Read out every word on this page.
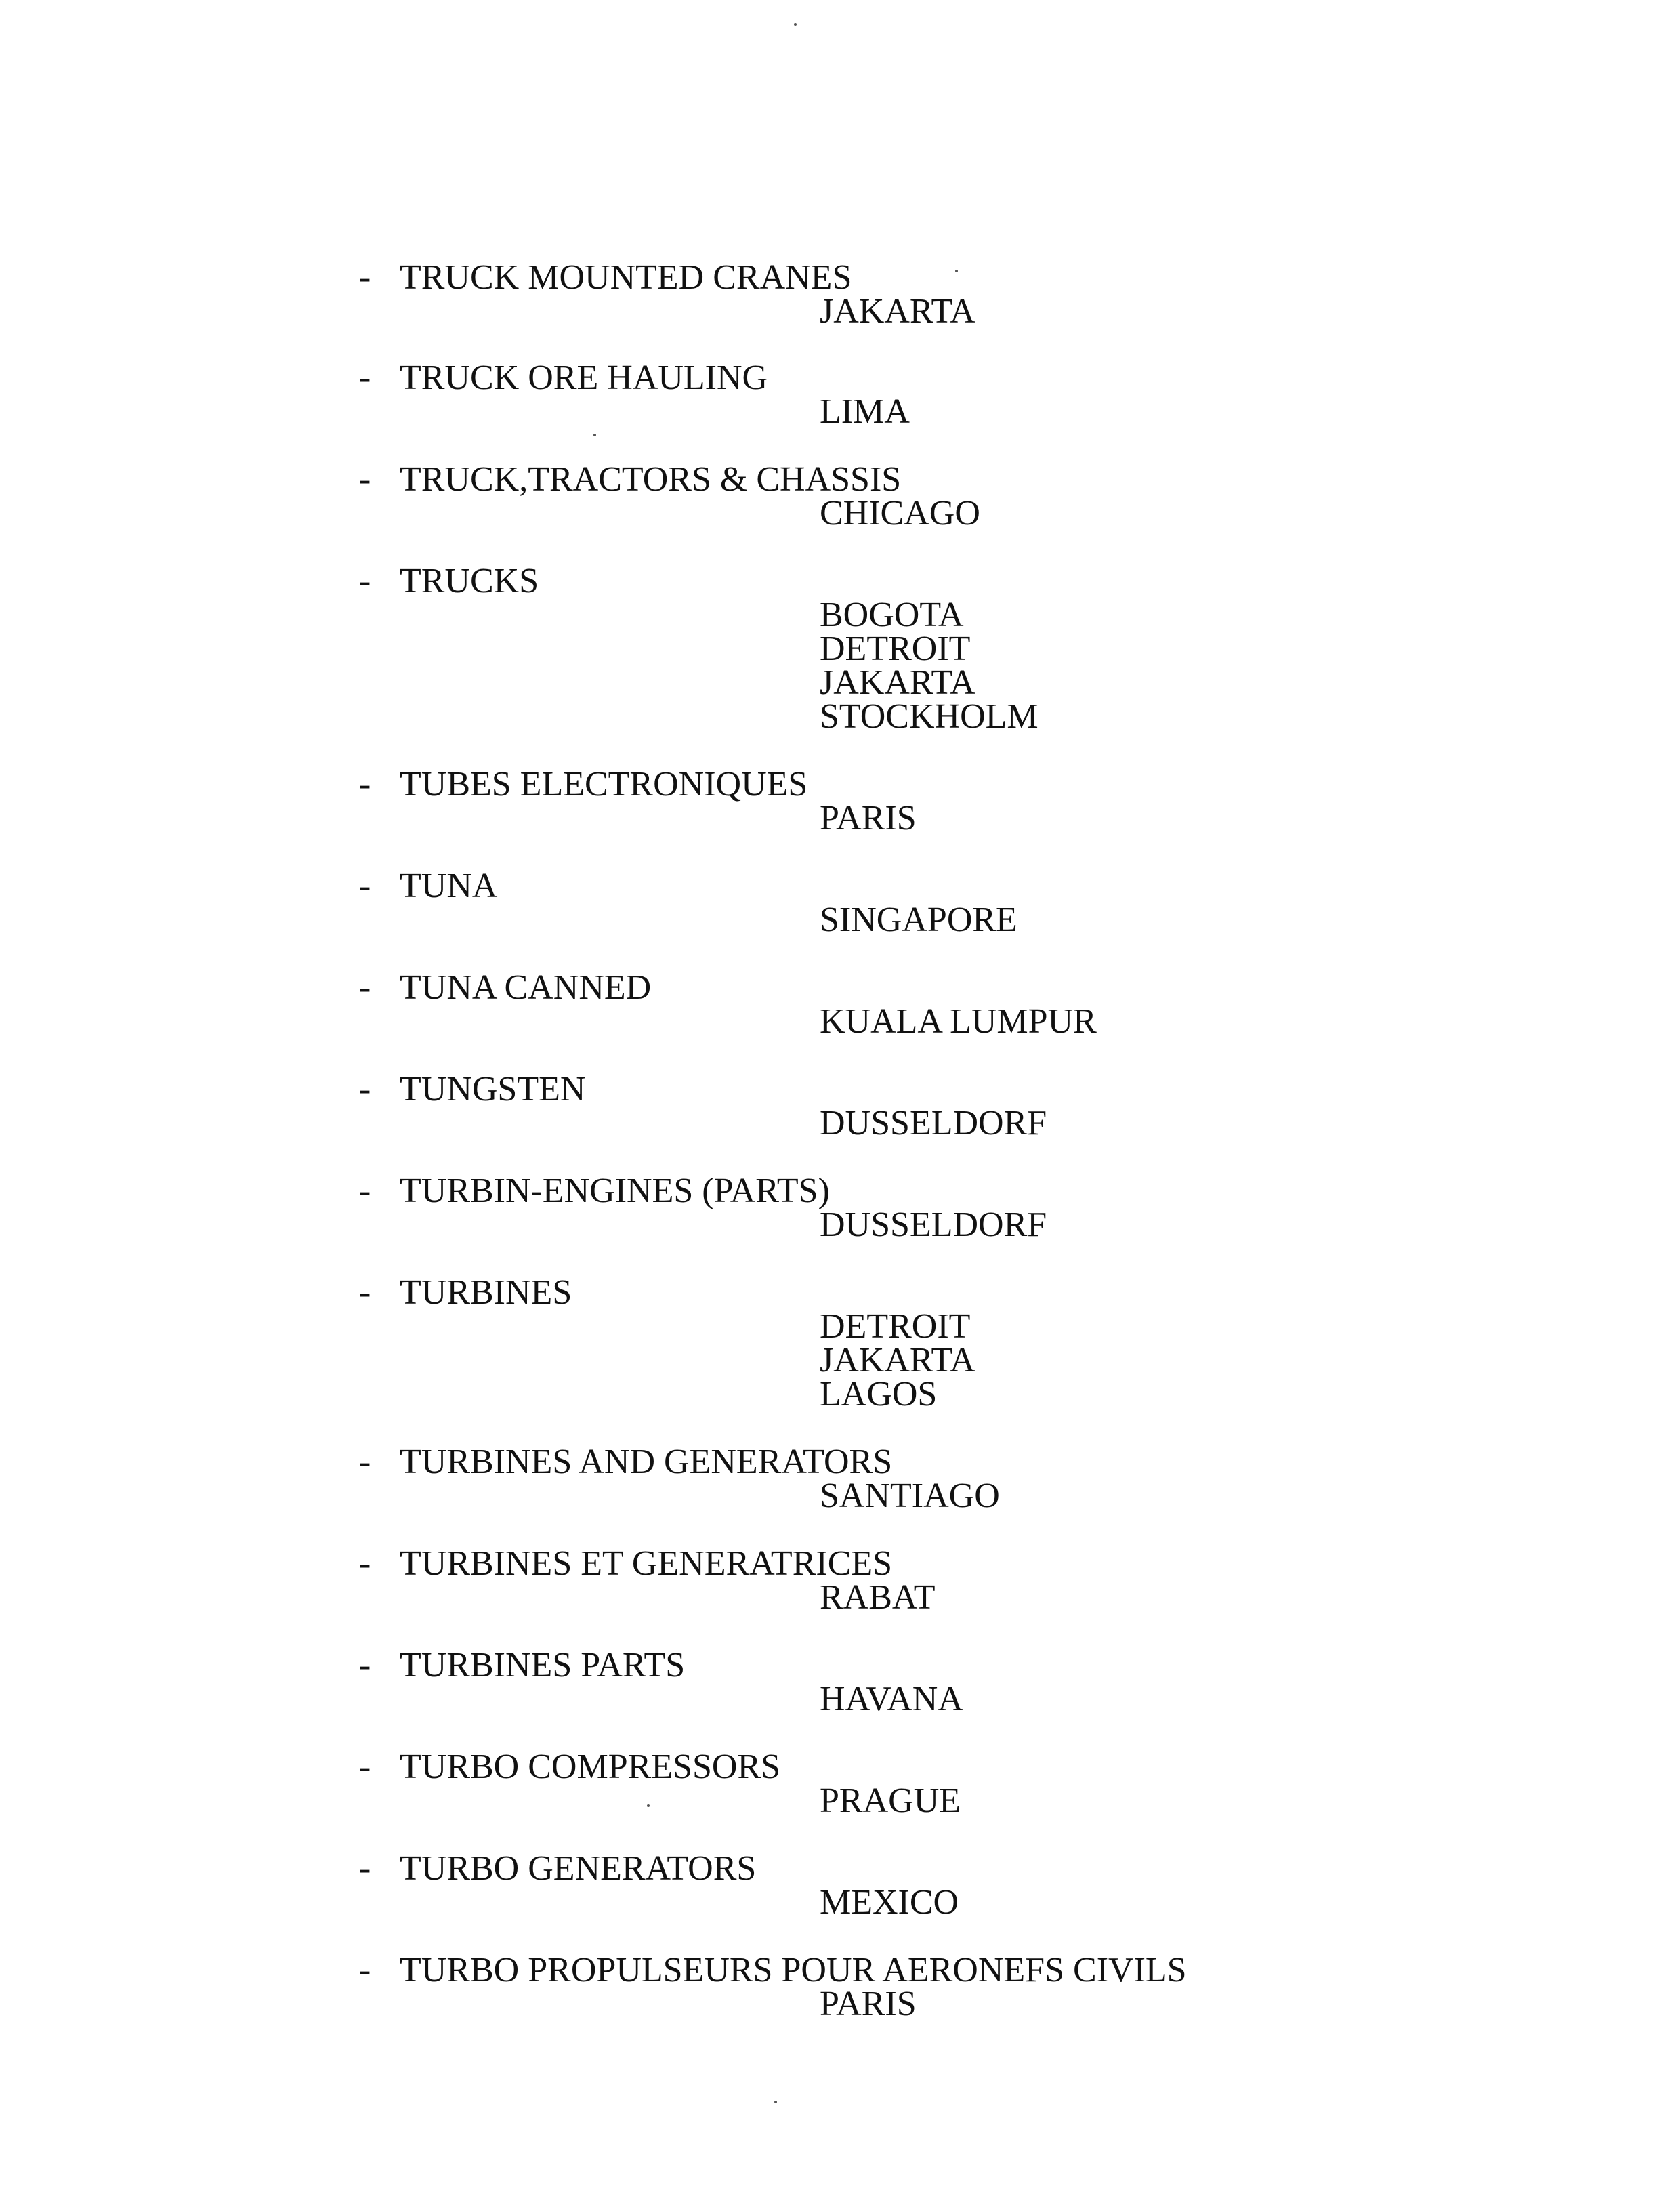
- TRUCK MOUNTED CRANES
JAKARTA
- TRUCK ORE HAULING
LIMA
- TRUCK,TRACTORS & CHASSIS
CHICAGO
- TRUCKS
BOGOTA
DETROIT
JAKARTA
STOCKHOLM
- TUBES ELECTRONIQUES
PARIS
- TUNA
SINGAPORE
- TUNA CANNED
KUALA LUMPUR
- TUNGSTEN
DUSSELDORF
- TURBIN-ENGINES (PARTS)
DUSSELDORF
- TURBINES
DETROIT
JAKARTA
LAGOS
- TURBINES AND GENERATORS
SANTIAGO
- TURBINES ET GENERATRICES
RABAT
- TURBINES PARTS
HAVANA
- TURBO COMPRESSORS
PRAGUE
- TURBO GENERATORS
MEXICO
- TURBO PROPULSEURS POUR AERONEFS CIVILS
PARIS
